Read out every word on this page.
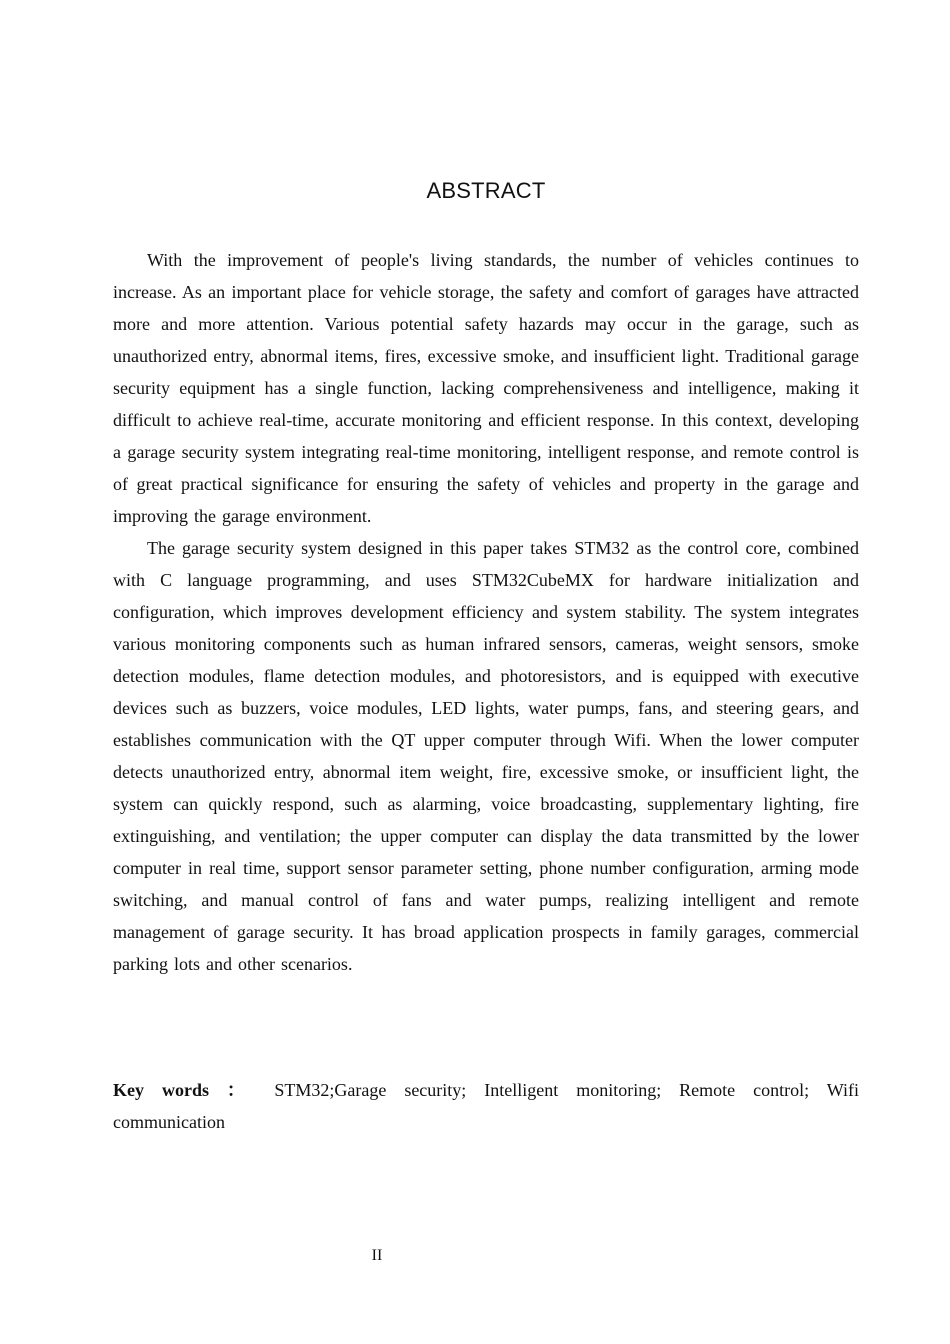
ABSTRACT

With the improvement of people's living standards, the number of vehicles continues to increase. As an important place for vehicle storage, the safety and comfort of garages have attracted more and more attention. Various potential safety hazards may occur in the garage, such as unauthorized entry, abnormal items, fires, excessive smoke, and insufficient light. Traditional garage security equipment has a single function, lacking comprehensiveness and intelligence, making it difficult to achieve real-time, accurate monitoring and efficient response. In this context, developing a garage security system integrating real-time monitoring, intelligent response, and remote control is of great practical significance for ensuring the safety of vehicles and property in the garage and improving the garage environment.

The garage security system designed in this paper takes STM32 as the control core, combined with C language programming, and uses STM32CubeMX for hardware initialization and configuration, which improves development efficiency and system stability. The system integrates various monitoring components such as human infrared sensors, cameras, weight sensors, smoke detection modules, flame detection modules, and photoresistors, and is equipped with executive devices such as buzzers, voice modules, LED lights, water pumps, fans, and steering gears, and establishes communication with the QT upper computer through Wifi. When the lower computer detects unauthorized entry, abnormal item weight, fire, excessive smoke, or insufficient light, the system can quickly respond, such as alarming, voice broadcasting, supplementary lighting, fire extinguishing, and ventilation; the upper computer can display the data transmitted by the lower computer in real time, support sensor parameter setting, phone number configuration, arming mode switching, and manual control of fans and water pumps, realizing intelligent and remote management of garage security. It has broad application prospects in family garages, commercial parking lots and other scenarios.

Key words ： STM32;Garage security; Intelligent monitoring; Remote control; Wifi communication
II
